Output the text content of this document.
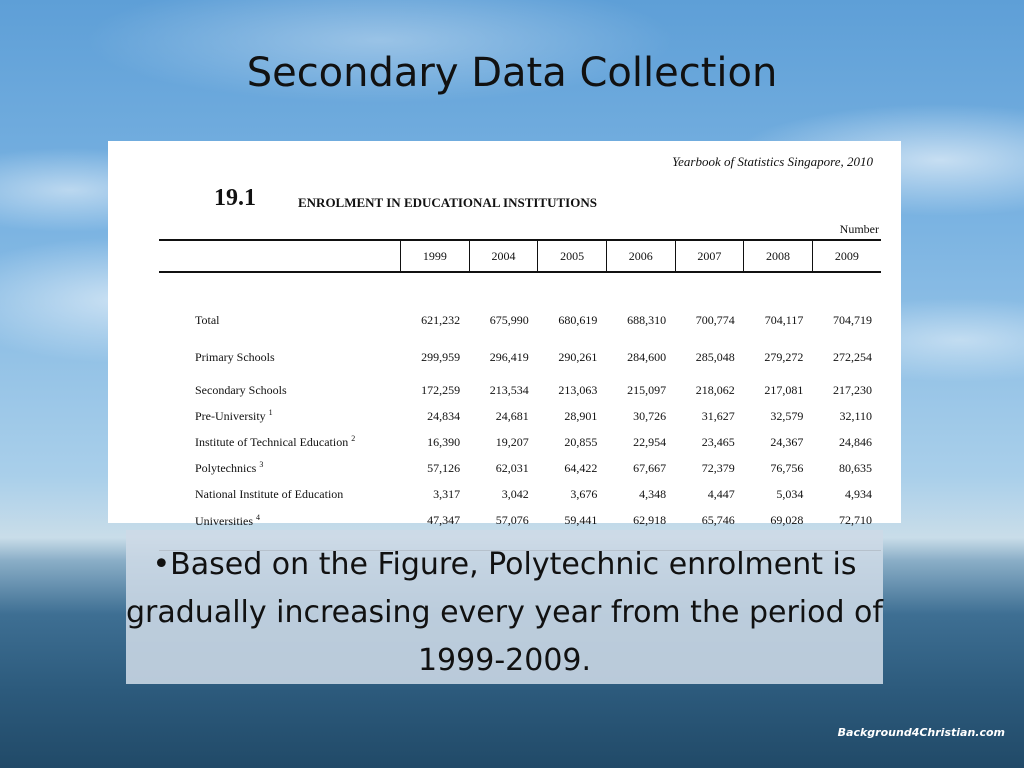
Secondary Data Collection
Yearbook of Statistics Singapore, 2010
19.1	ENROLMENT IN EDUCATIONAL INSTITUTIONS
Number
	1999	2004	2005	2006	2007	2008	2009
Total	621,232	675,990	680,619	688,310	700,774	704,117	704,719
Primary Schools	299,959	296,419	290,261	284,600	285,048	279,272	272,254
Secondary Schools	172,259	213,534	213,063	215,097	218,062	217,081	217,230
Pre-University $^1$	24,834	24,681	28,901	30,726	31,627	32,579	32,110
Institute of Technical Education $^2$	16,390	19,207	20,855	22,954	23,465	24,367	24,846
Polytechnics $^3$	57,126	62,031	64,422	67,667	72,379	76,756	80,635
National Institute of Education	3,317	3,042	3,676	4,348	4,447	5,034	4,934
Universities $^4$	47,347	57,076	59,441	62,918	65,746	69,028	72,710
•Based on the Figure, Polytechnic enrolment is gradually increasing every year from the period of 1999-2009.
Background4Christian.com
